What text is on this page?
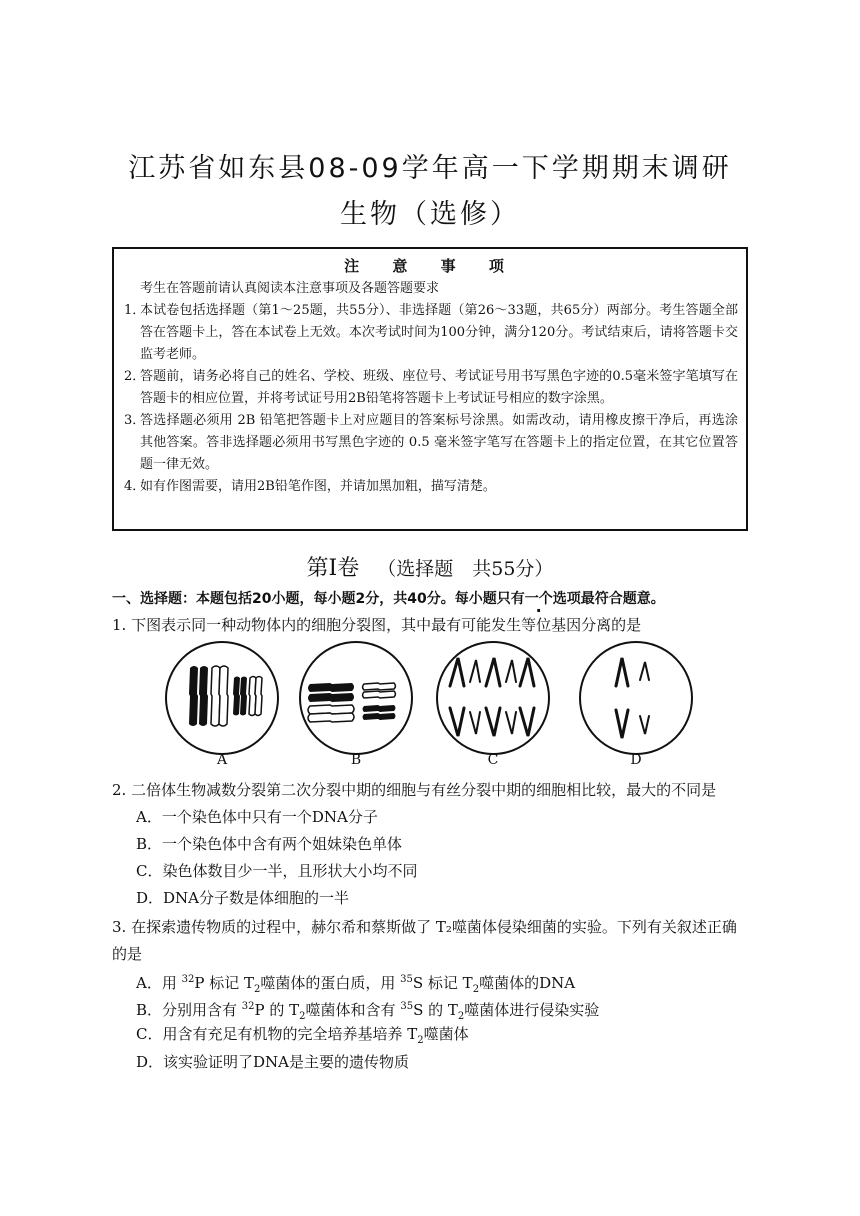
江苏省如东县08-09学年高一下学期期末调研
生物（选修）
注 意 事 项
考生在答题前请认真阅读本注意事项及各题答题要求
1．
本试卷包括选择题（第1～25题，共55分）、非选择题（第26～33题，共65分）两部分。考生答题全部答在答题卡上，答在本试卷上无效。本次考试时间为100分钟，满分120分。考试结束后，请将答题卡交监考老师。
2．
答题前，请务必将自己的姓名、学校、班级、座位号、考试证号用书写黑色字迹的0.5毫米签字笔填写在答题卡的相应位置，并将考试证号用2B铅笔将答题卡上考试证号相应的数字涂黑。
3．
答选择题必须用 2B 铅笔把答题卡上对应题目的答案标号涂黑。如需改动，请用橡皮擦干净后，再选涂其他答案。答非选择题必须用书写黑色字迹的 0.5 毫米签字笔写在答题卡上的指定位置，在其它位置答题一律无效。
4．
如有作图需要，请用2B铅笔作图，并请加黑加粗，描写清楚。
第Ⅰ卷 （选择题　共55分）
一、选择题：本题包括20小题，每小题2分，共40分。每小题只有一个选项最符合题意。
1. 下图表示同一种动物体内的细胞分裂图，其中最有可能发生等位基因分离的是
A	B	C	D
2. 二倍体生物减数分裂第二次分裂中期的细胞与有丝分裂中期的细胞相比较，最大的不同是
A．一个染色体中只有一个DNA分子
B．一个染色体中含有两个姐妹染色单体
C．染色体数目少一半，且形状大小均不同
D．DNA分子数是体细胞的一半
3. 在探索遗传物质的过程中，赫尔希和蔡斯做了 T₂噬菌体侵染细菌的实验。下列有关叙述正确
的是
A．用 $^{32}$P 标记 $T_2$噬菌体的蛋白质，用 $^{35}$S 标记 $T_2$噬菌体的DNA
B．分别用含有 $^{32}$P 的 $T_2$噬菌体和含有 $^{35}$S 的 $T_2$噬菌体进行侵染实验
C．用含有充足有机物的完全培养基培养 $T_2$噬菌体
D．该实验证明了DNA是主要的遗传物质
